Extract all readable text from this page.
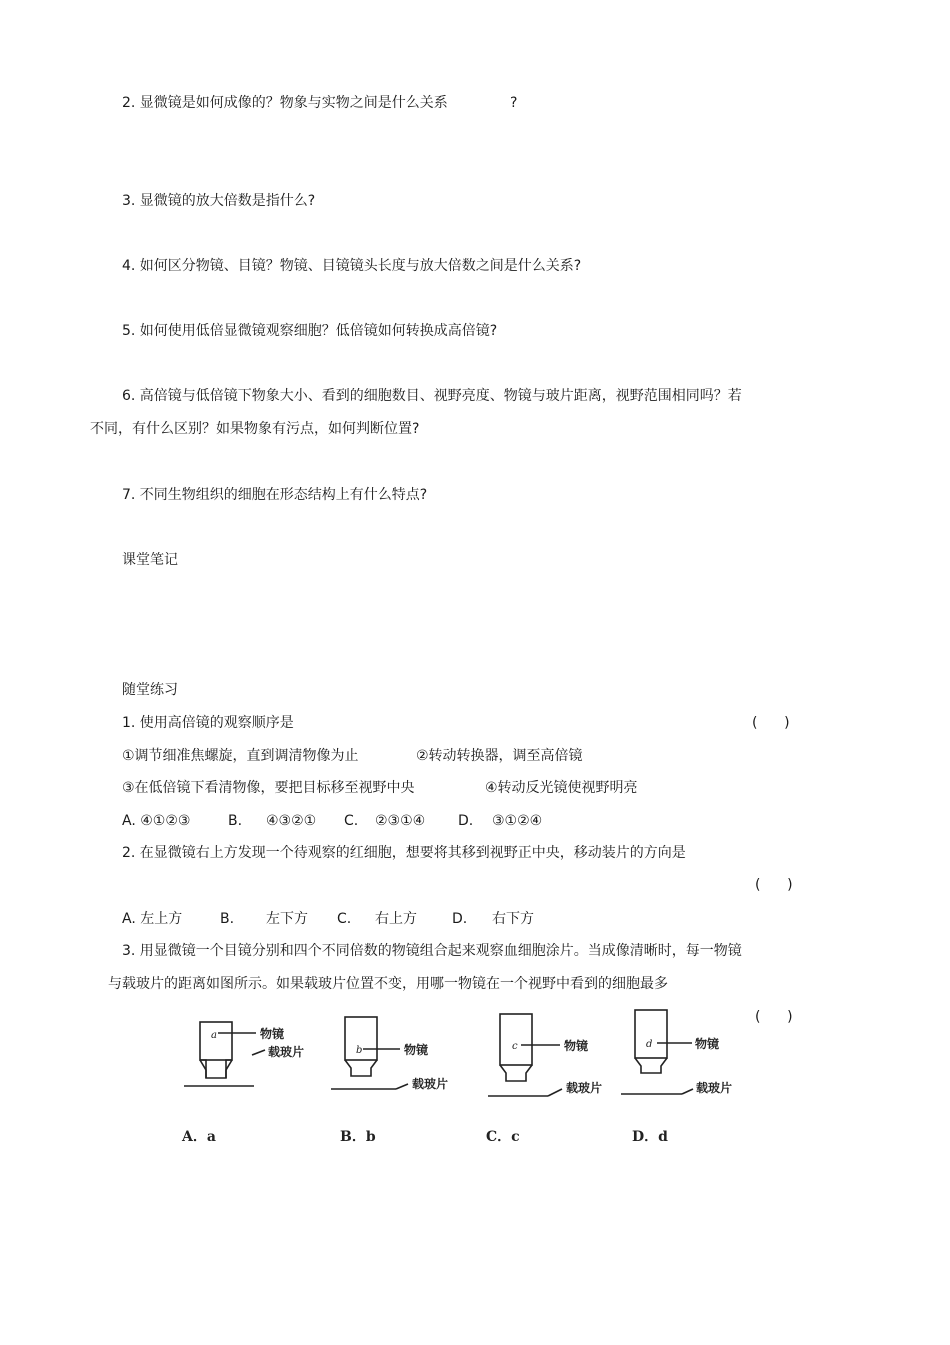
2. 显微镜是如何成像的？物象与实物之间是什么关系	?
3. 显微镜的放大倍数是指什么?
4. 如何区分物镜、目镜？物镜、目镜镜头长度与放大倍数之间是什么关系?
5. 如何使用低倍显微镜观察细胞？低倍镜如何转换成高倍镜?
6. 高倍镜与低倍镜下物象大小、看到的细胞数目、视野亮度、物镜与玻片距离，视野范围相同吗？若
不同，有什么区别？如果物象有污点，如何判断位置?
7. 不同生物组织的细胞在形态结构上有什么特点?
课堂笔记
随堂练习
1. 使用高倍镜的观察顺序是	(      )
①调节细准焦螺旋，直到调清物像为止	②转动转换器，调至高倍镜
③在低倍镜下看清物像，要把目标移至视野中央	④转动反光镜使视野明亮
A. ④①②③	B. ④③②① C. ②③①④ D. ③①②④
2. 在显微镜右上方发现一个待观察的红细胞，想要将其移到视野正中央，移动装片的方向是
(      )
A. 左上方	B. 左下方 C. 右上方	D. 右下方
3. 用显微镜一个目镜分别和四个不同倍数的物镜组合起来观察血细胞涂片。当成像清晰时，每一物镜
与载玻片的距离如图所示。如果载玻片位置不变，用哪一物镜在一个视野中看到的细胞最多
(      )
a
b	c	d
物镜
载玻片	物镜
载玻片
物镜
载玻片
物镜
载玻片
A．a	B．b	C．c	D．d
